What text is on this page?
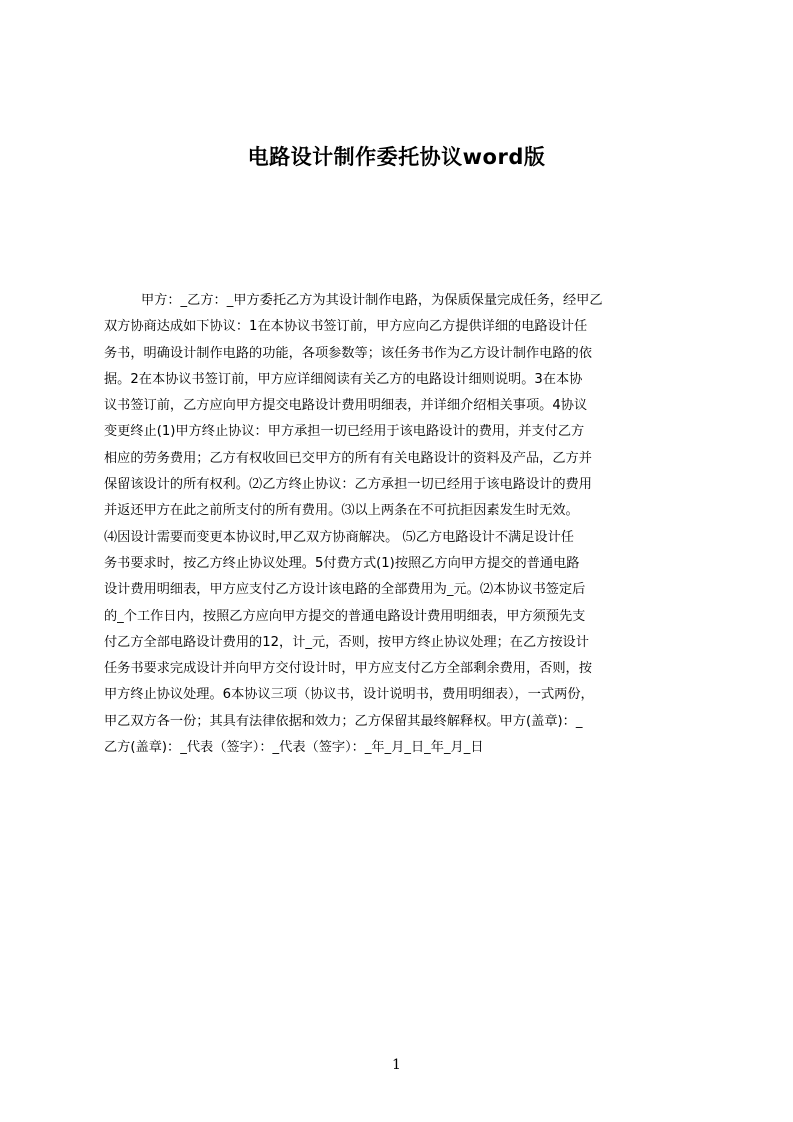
电路设计制作委托协议word版
甲方：_乙方：_甲方委托乙方为其设计制作电路，为保质保量完成任务，经甲乙
双方协商达成如下协议：1在本协议书签订前，甲方应向乙方提供详细的电路设计任
务书，明确设计制作电路的功能，各项参数等；该任务书作为乙方设计制作电路的依
据。2在本协议书签订前，甲方应详细阅读有关乙方的电路设计细则说明。3在本协
议书签订前，乙方应向甲方提交电路设计费用明细表，并详细介绍相关事项。4协议
变更终止(1)甲方终止协议：甲方承担一切已经用于该电路设计的费用，并支付乙方
相应的劳务费用；乙方有权收回已交甲方的所有有关电路设计的资料及产品，乙方并
保留该设计的所有权利。⑵乙方终止协议：乙方承担一切已经用于该电路设计的费用
并返还甲方在此之前所支付的所有费用。⑶以上两条在不可抗拒因素发生时无效。
⑷因设计需要而变更本协议时,甲乙双方协商解决。 ⑸乙方电路设计不满足设计任
务书要求时，按乙方终止协议处理。5付费方式(1)按照乙方向甲方提交的普通电路
设计费用明细表，甲方应支付乙方设计该电路的全部费用为_元。⑵本协议书签定后
的_个工作日内，按照乙方应向甲方提交的普通电路设计费用明细表，甲方须预先支
付乙方全部电路设计费用的12，计_元，否则，按甲方终止协议处理；在乙方按设计
任务书要求完成设计并向甲方交付设计时，甲方应支付乙方全部剩余费用，否则，按
甲方终止协议处理。6本协议三项（协议书，设计说明书，费用明细表），一式两份，
甲乙双方各一份；其具有法律依据和效力；乙方保留其最终解释权。甲方(盖章)：_
乙方(盖章)：_代表（签字）：_代表（签字）：_年_月_日_年_月_日
1
